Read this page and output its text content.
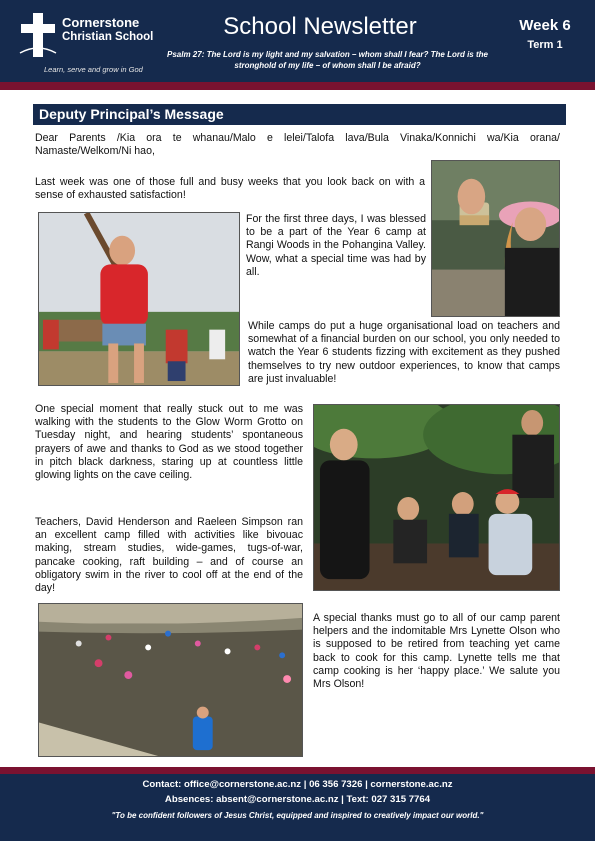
Cornerstone
Christian School
Learn, serve and grow in God
School Newsletter
Psalm 27: The Lord is my light and my salvation – whom shall I fear? The Lord is the stronghold of my life – of whom shall I be afraid?
Week 6
Term 1
Deputy Principal’s Message
Dear Parents /Kia ora te whanau/Malo e lelei/Talofa lava/Bula Vinaka/Konnichi wa/Kia orana/ Namaste/Welkom/Ni hao,
Last week was one of those full and busy weeks that you look back on with a sense of exhausted satisfaction!
For the first three days, I was blessed to be a part of the Year 6 camp at Rangi Woods in the Pohangina Valley. Wow, what a special time was had by all.
While camps do put a huge organisational load on teachers and somewhat of a financial burden on our school, you only needed to watch the Year 6 students fizzing with excitement as they pushed themselves to try new outdoor experiences, to know that camps are just invaluable!
One special moment that really stuck out to me was walking with the students to the Glow Worm Grotto on Tuesday night, and hearing students’ spontaneous prayers of awe and thanks to God as we stood together in pitch black darkness, staring up at countless little glowing lights on the cave ceiling.
Teachers, David Henderson and Raeleen Simpson ran an excellent camp filled with activities like bivouac making, stream studies, wide-games, tugs-of-war, pancake cooking, raft building – and of course an obligatory swim in the river to cool off at the end of the day!
A special thanks must go to all of our camp parent helpers and the indomitable Mrs Lynette Olson who is supposed to be retired from teaching yet came back to cook for this camp. Lynette tells me that camp cooking is her ‘happy place.’ We salute you Mrs Olson!
Contact: office@cornerstone.ac.nz | 06 356 7326 | cornerstone.ac.nz
Absences: absent@cornerstone.ac.nz | Text: 027 315 7764
"To be confident followers of Jesus Christ, equipped and inspired to creatively impact our world."
